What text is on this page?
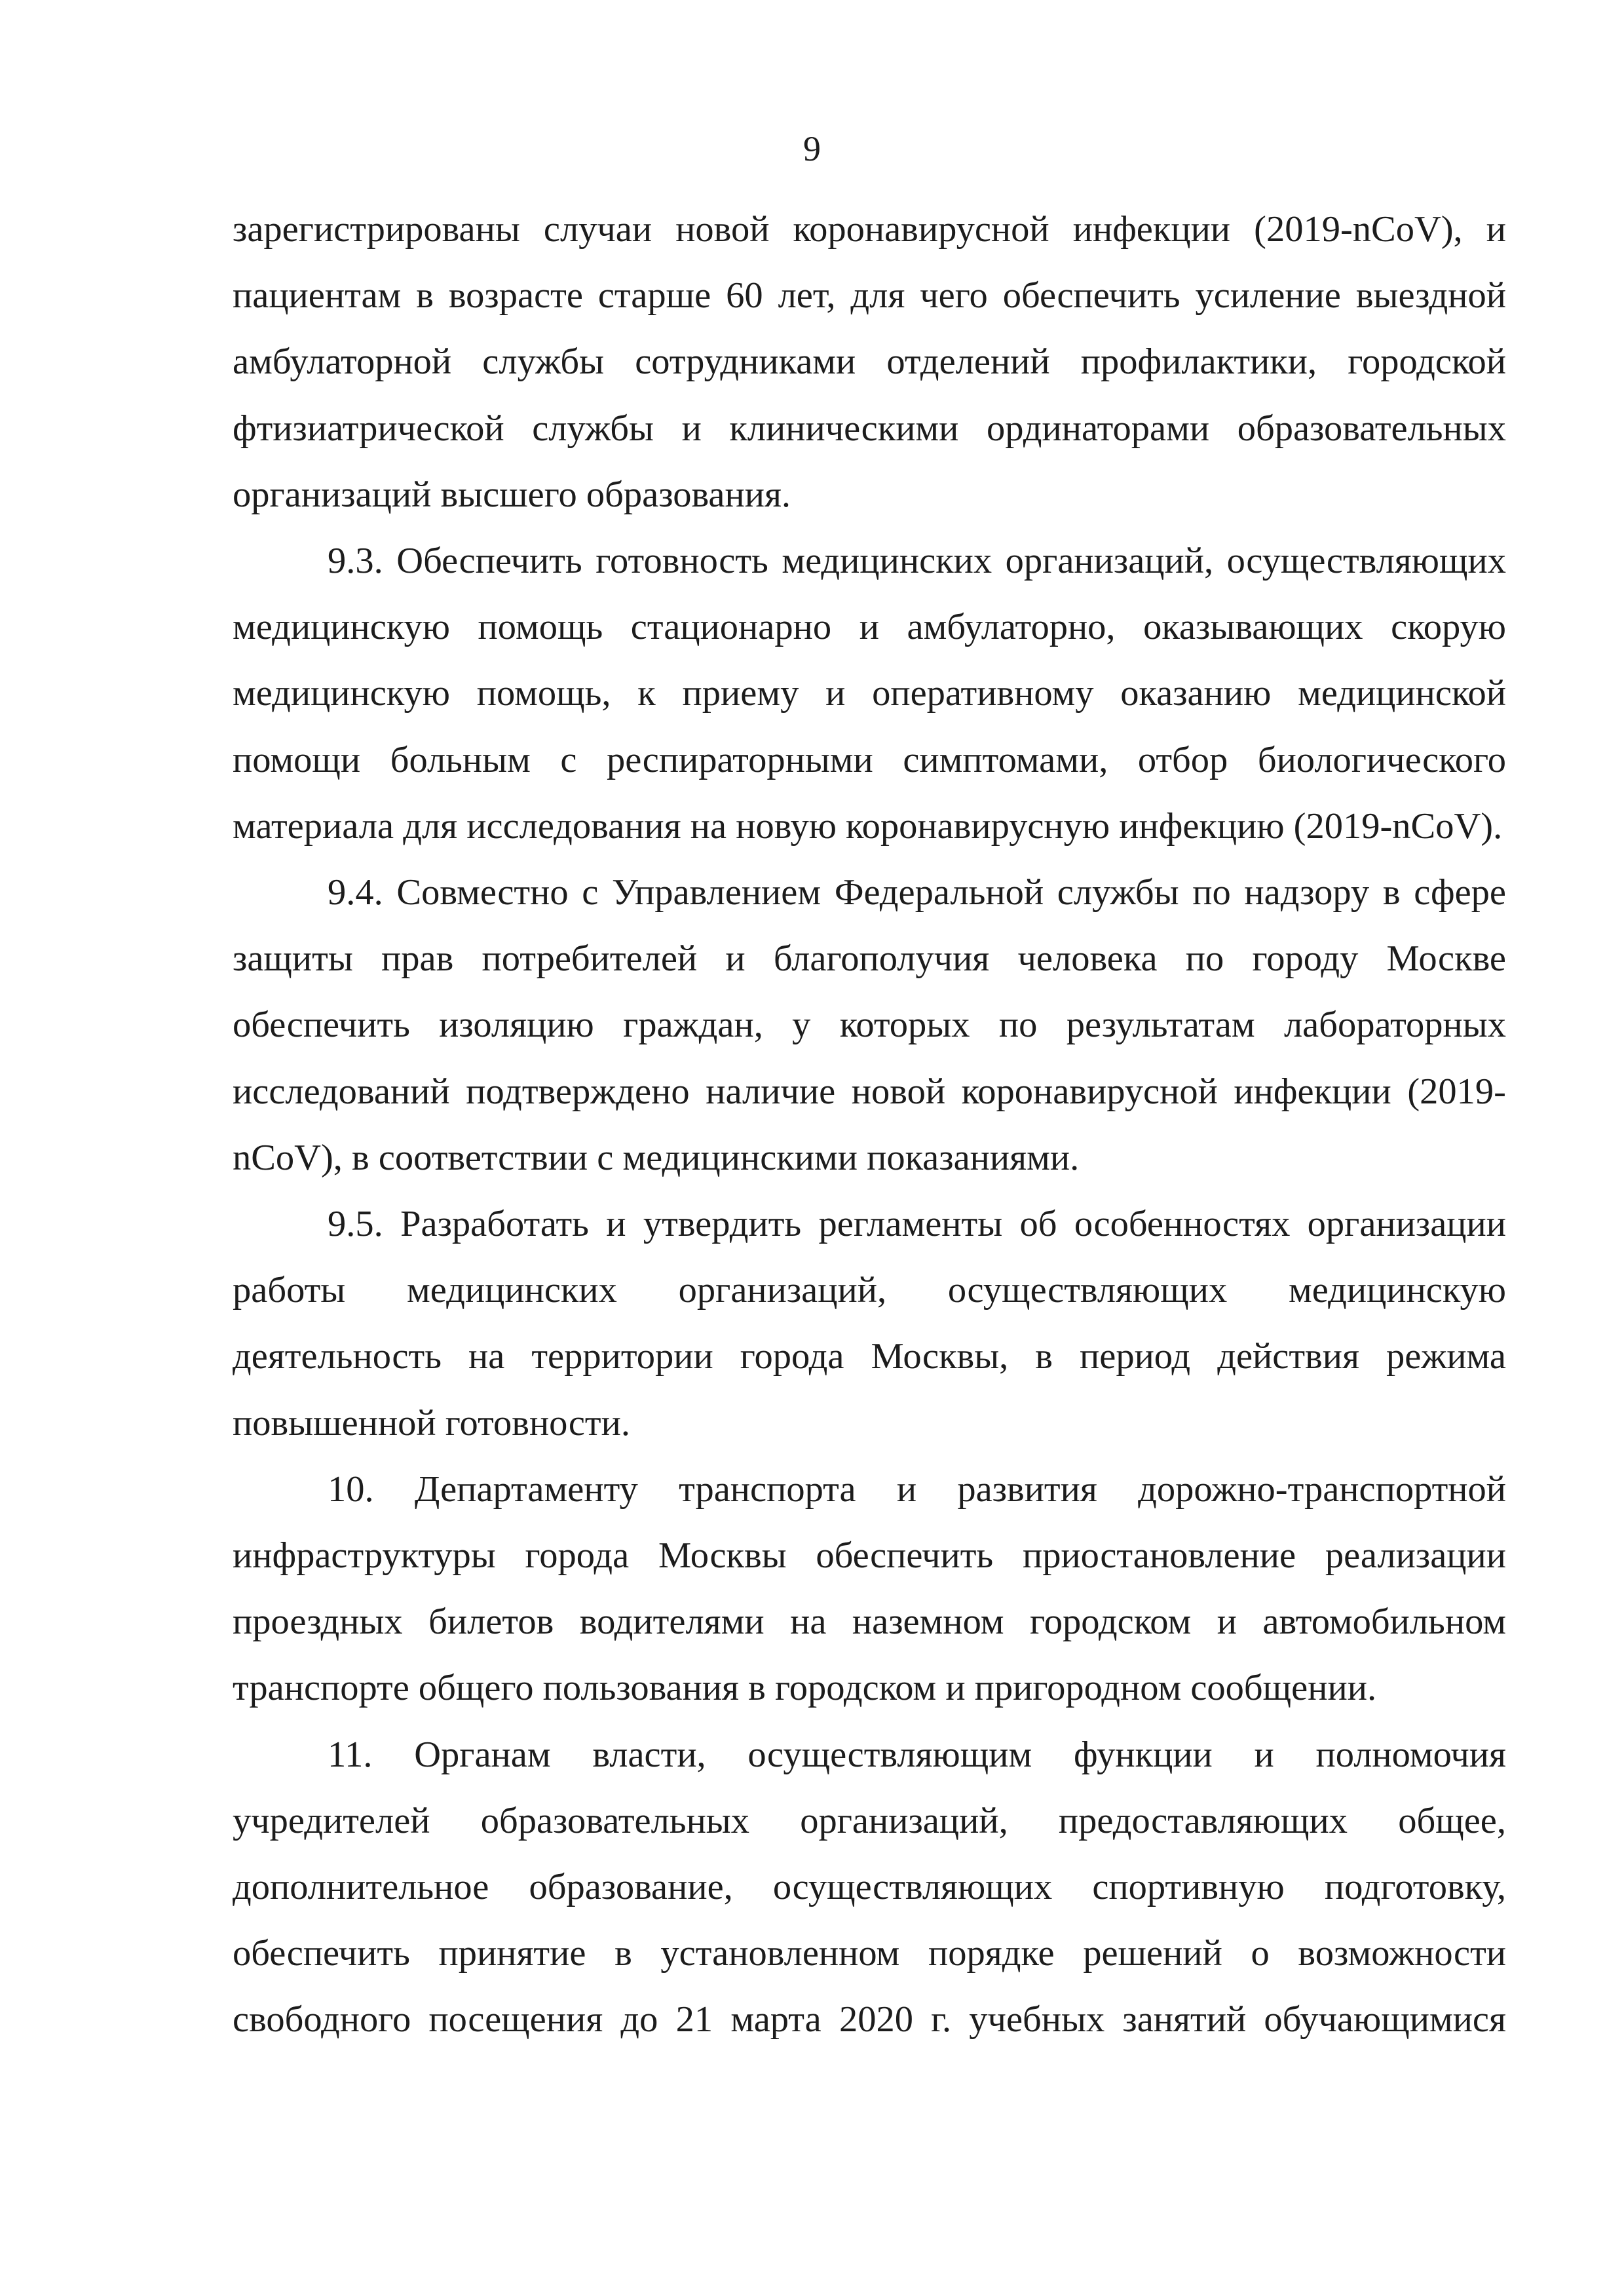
9

зарегистрированы случаи новой коронавирусной инфекции (2019-nCoV), и пациентам в возрасте старше 60 лет, для чего обеспечить усиление выездной амбулаторной службы сотрудниками отделений профилактики, городской фтизиатрической службы и клиническими ординаторами образовательных организаций высшего образования.

9.3. Обеспечить готовность медицинских организаций, осуществляющих медицинскую помощь стационарно и амбулаторно, оказывающих скорую медицинскую помощь, к приему и оперативному оказанию медицинской помощи больным с респираторными симптомами, отбор биологического материала для исследования на новую коронавирусную инфекцию (2019-nCoV).

9.4. Совместно с Управлением Федеральной службы по надзору в сфере защиты прав потребителей и благополучия человека по городу Москве обеспечить изоляцию граждан, у которых по результатам лабораторных исследований подтверждено наличие новой коронавирусной инфекции (2019-nCoV), в соответствии с медицинскими показаниями.

9.5. Разработать и утвердить регламенты об особенностях организации работы медицинских организаций, осуществляющих медицинскую деятельность на территории города Москвы, в период действия режима повышенной готовности.

10. Департаменту транспорта и развития дорожно-транспортной инфраструктуры города Москвы обеспечить приостановление реализации проездных билетов водителями на наземном городском и автомобильном транспорте общего пользования в городском и пригородном сообщении.

11. Органам власти, осуществляющим функции и полномочия учредителей образовательных организаций, предоставляющих общее, дополнительное образование, осуществляющих спортивную подготовку, обеспечить принятие в установленном порядке решений о возможности свободного посещения до 21 марта 2020 г. учебных занятий обучающимися
